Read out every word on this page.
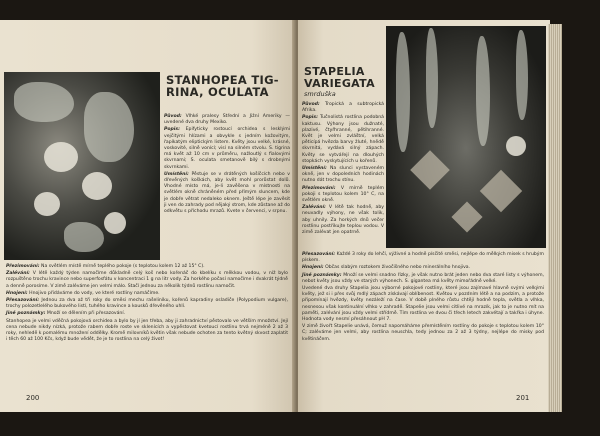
STANHOPEA TIG-RINA, OCULATA

Původ: Vlhké pralesy Střední a Jižní Ameriky — uvedené dva druhy Mexiko.

Popis: Epifyticky rostoucí orchidea s lesklými vejčitými hlízami a obvykle s jedním kožovitým, řapíkatým eliptickým listem. Květy jsou velké, krásné, voskovité, silně vonící; visí na silném stvolu. S. tigrina má květ až 10 cm v průměru, nažloutlý s fialovými skvrnami; S. oculata smetanově bílý s drobnými skvrnkami.

Umístění: Pěstuje se v drátěných košíčcích nebo v dřevěných koškách, aby květ mohl prorůstat dolů. Vhodné místo má, je-li zavěšena v místnosti na světlém okně chráněném před přímým sluncem, kde je dobře větrat nedaleko oknem. Ještě lépe je zavěsit ji ven do zahrady pod nějaký strom, kde zůstane až do odkvětu s příchodu mrazů. Kvete v červenci, v srpnu.

Přezimování: Na světlém místě mírně teplého pokoje (s teplotou kolem 12 až 15° C).

Zalévání: V létě každý týden namočíme důkladně celý koš nebo kořenáč do kbelíku s měkkou vodou, v níž bylo rozpuštěno trochu kravince nebo superfosfátu v koncentraci 1 g na litr vody. Za horkého počasí namočíme i dvakrát týdně a denně porosíme. V zimě zaléváme jen velmi málo. Stačí jednou za několik týdnů rostlinu namočit.

Hnojení: Hnojivo přidáváme do vody, ve které rostliny namáčíme.

Přesazování: Jednou za dva až tři roky do směsi mechu rašeliníku, kořenů kapradiny osladiče (Polypodium vulgare), trochy polozetlelého bukového listí, tuhého kravince a kousků dřevěného uhlí.

Jiné poznámky: Množí se dělením při přesazování.

Stanhopea je velmi vděčná pokojová orchidea a bylo by jí jen třeba, aby ji zahradnictví pěstovalo ve větším množství. Její cena nebude nikdy nízká, protože rabem dobře roste ve sklenících a vypěstovat kvetoucí rostlinu trvá nejméně 2 až 3 roky, nehledě k pomalému množení oddělky. Kromě milovníků květin však nebude ochoten za tento květný skvost zaplatit i těch 60 až 100 Kčs, když bude vědět, že je to rostlina na celý život!

200
STAPELIA VARIEGATA
smrduška

Původ: Tropická a subtropická Afrika.

Popis: Tučnolistá rostlina podobná kaktusu. Výhony jsou dužnaté, plazivé, čtyřhranné, pětihranné. Květ je velmi zvláštní, velká pěticípá hvězda barvy žluté, hnědě skvrnitá, vydává silný zápach. Květy se vytvářejí na dlouhých stopkách vyskytujících u kořenů.

Umístění: Na slunci vystaveném okně, jen v dopoledních hodinách nutno dát trochu stínu.

Přezimování: V mírně teplém pokoji s teplotou kolem 10° C, na světlém okně.

Zalévání: V létě tak hodně, aby neuvadly výhony, ne však tolik, aby uhnily. Za horkých dnů večer rostlinu postřikujte teplou vodou. V zimě zalévat jen opatrně.

Přesazování: Každé 3 roky do lehčí, výživné a hodně písčité směsi, nejlépe do mělkých misek s hrubým pískem.

Hnojení: Občas slabým roztokem živočišného nebo minerálního hnojiva.

Jiné poznámky: Množí se velmi snadno řízky, je však nutno brát jeden nebo dva staré listy s výhonem, nebot květy jsou vždy ve starých výhonech. S. gigantea má květy mimořádně velké.

Uvedené dva druhy Stapelia jsou výborné pokojové rostliny, které jsou zajímavé hlavně svými velkými květy, jež si i přes svůj mdlý zápach získávají oblíbenost. Květou v pozdním létě a na podzim, a protože připomínají hvězdy, květy nezáleží na čase. V době plného růstu chtějí hodně tepla, světla a vlhka, nesnesou však kontinuální vlhko v zahradě. Stapelie jsou velmi citlivé na mrazík, jak to je nutno mít na paměti, zalévání jsou vždy velmi střídmě. Tím rostlina ve dvou či třech letech zakvétají a takřka i úhyne. Hodnota vody nesmí přesáhnout pH 7.

V zimě živořt Stapelie unává, čemuž napomáháme přemístěním rostliny do pokoje s teplotou kolem 10° C; zaléváme jen velmi, aby rostlina neuschla, tedy jednou za 2 až 3 týdny, nejlépe do misky pod květináčem.

201
